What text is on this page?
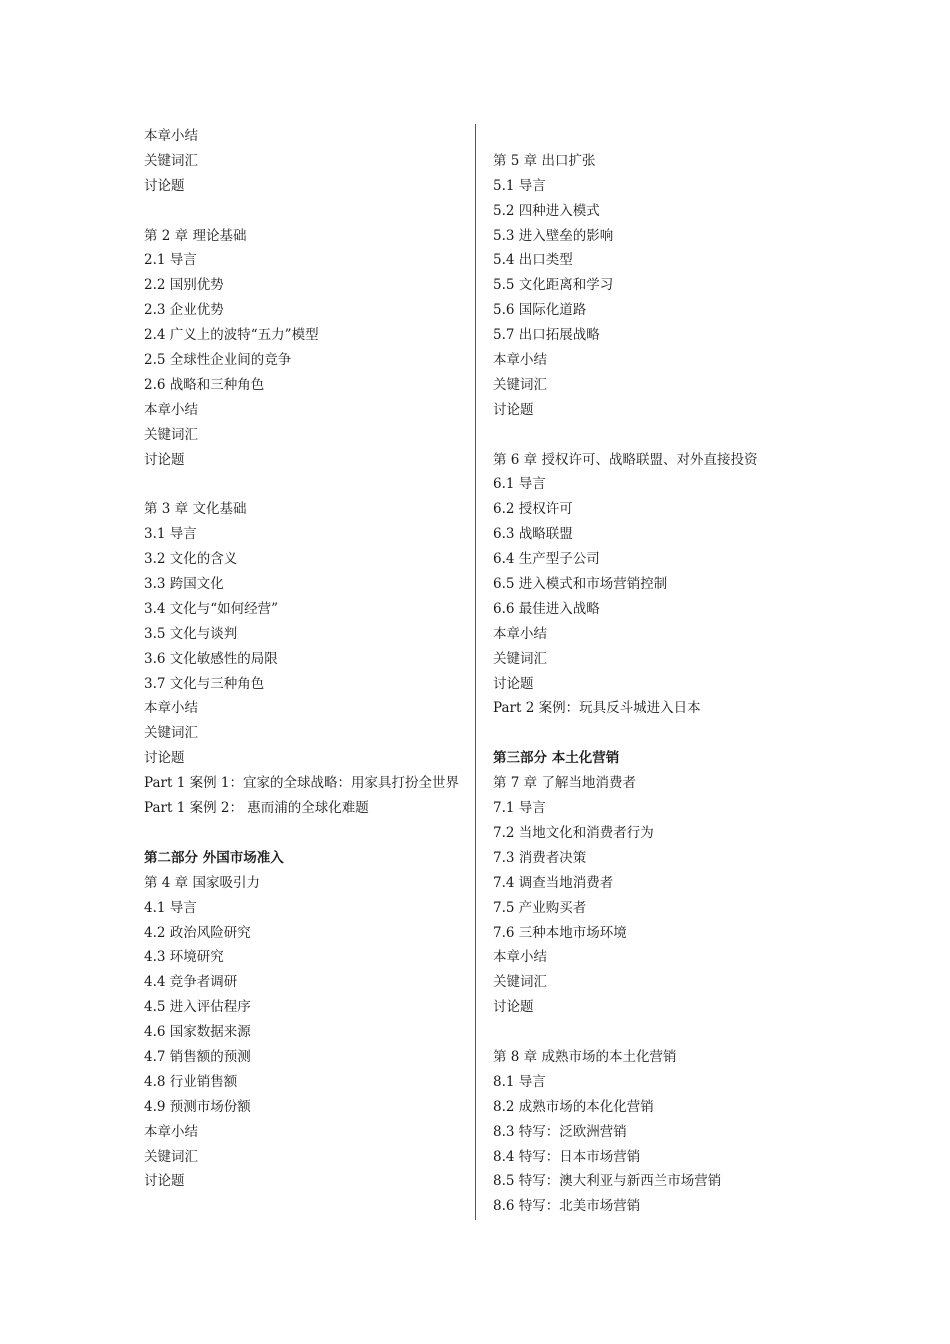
本章小结
关键词汇
讨论题
第 2 章 理论基础
2.1 导言
2.2 国别优势
2.3 企业优势
2.4 广义上的波特“五力”模型
2.5 全球性企业间的竞争
2.6 战略和三种角色
本章小结
关键词汇
讨论题
第 3 章 文化基础
3.1 导言
3.2 文化的含义
3.3 跨国文化
3.4 文化与“如何经营”
3.5 文化与谈判
3.6 文化敏感性的局限
3.7 文化与三种角色
本章小结
关键词汇
讨论题
Part 1 案例 1：宜家的全球战略：用家具打扮全世界
Part 1 案例 2： 惠而浦的全球化难题
第二部分 外国市场准入
第 4 章 国家吸引力
4.1 导言
4.2 政治风险研究
4.3 环境研究
4.4 竞争者调研
4.5 进入评估程序
4.6 国家数据来源
4.7 销售额的预测
4.8 行业销售额
4.9 预测市场份额
本章小结
关键词汇
讨论题
第 5 章 出口扩张
5.1 导言
5.2 四种进入模式
5.3 进入壁垒的影响
5.4 出口类型
5.5 文化距离和学习
5.6 国际化道路
5.7 出口拓展战略
本章小结
关键词汇
讨论题
第 6 章 授权许可、战略联盟、对外直接投资
6.1 导言
6.2 授权许可
6.3 战略联盟
6.4 生产型子公司
6.5 进入模式和市场营销控制
6.6 最佳进入战略
本章小结
关键词汇
讨论题
Part 2 案例：玩具反斗城进入日本
第三部分 本土化营销
第 7 章 了解当地消费者
7.1 导言
7.2 当地文化和消费者行为
7.3 消费者决策
7.4 调查当地消费者
7.5 产业购买者
7.6 三种本地市场环境
本章小结
关键词汇
讨论题
第 8 章 成熟市场的本土化营销
8.1 导言
8.2 成熟市场的本化化营销
8.3 特写：泛欧洲营销
8.4 特写：日本市场营销
8.5 特写：澳大利亚与新西兰市场营销
8.6 特写：北美市场营销
